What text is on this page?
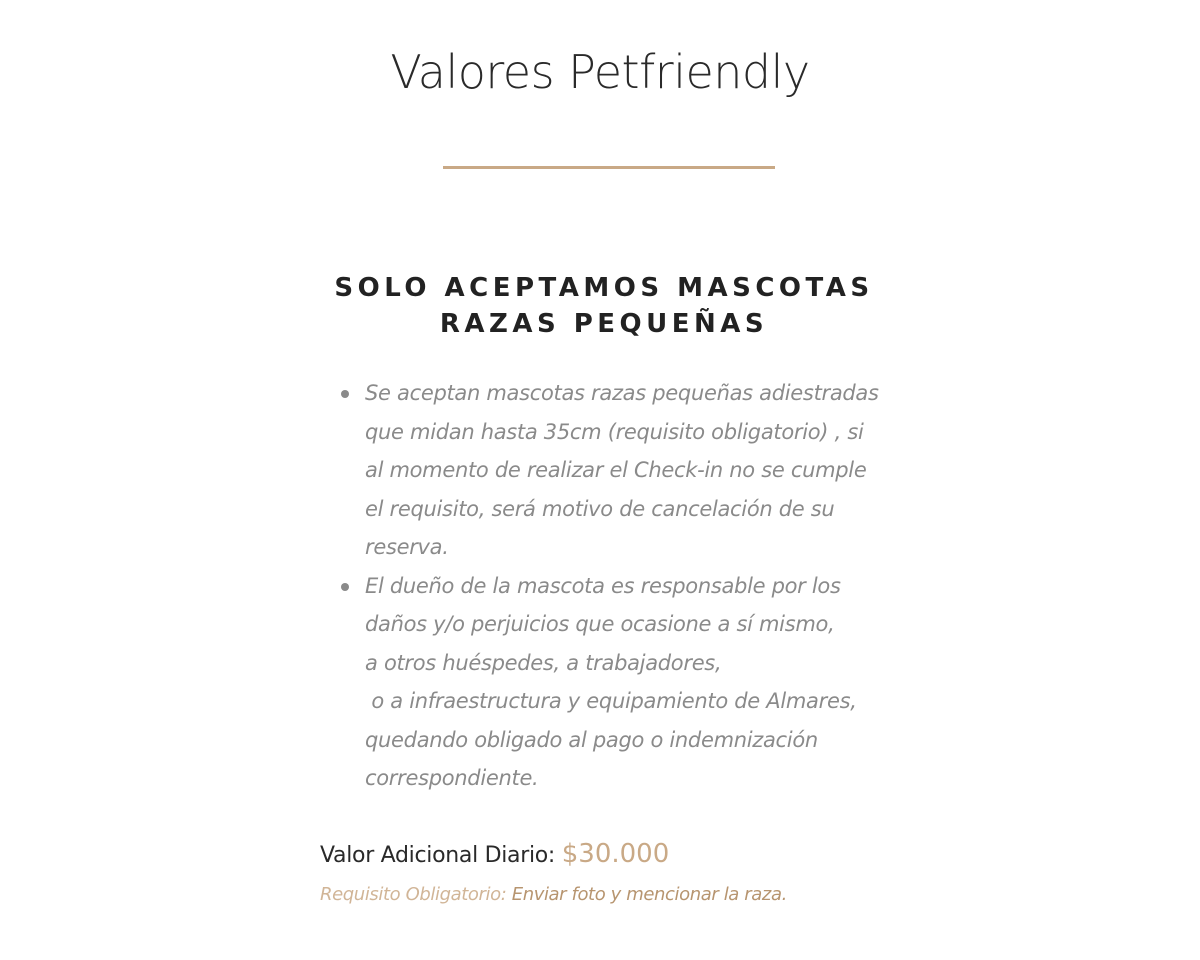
Valores Petfriendly
SOLO ACEPTAMOS MASCOTAS
RAZAS PEQUEÑAS
Se aceptan mascotas razas pequeñas adiestradas
que midan hasta 35cm (requisito obligatorio) , si
al momento de realizar el Check-in no se cumple
el requisito, será motivo de cancelación de su
reserva.
El dueño de la mascota es responsable por los
daños y/o perjuicios que ocasione a sí mismo,
a otros huéspedes, a trabajadores,
o a infraestructura y equipamiento de Almares,
quedando obligado al pago o indemnización
correspondiente.
Valor Adicional Diario: $30.000
Requisito Obligatorio: Enviar foto y mencionar la raza.
